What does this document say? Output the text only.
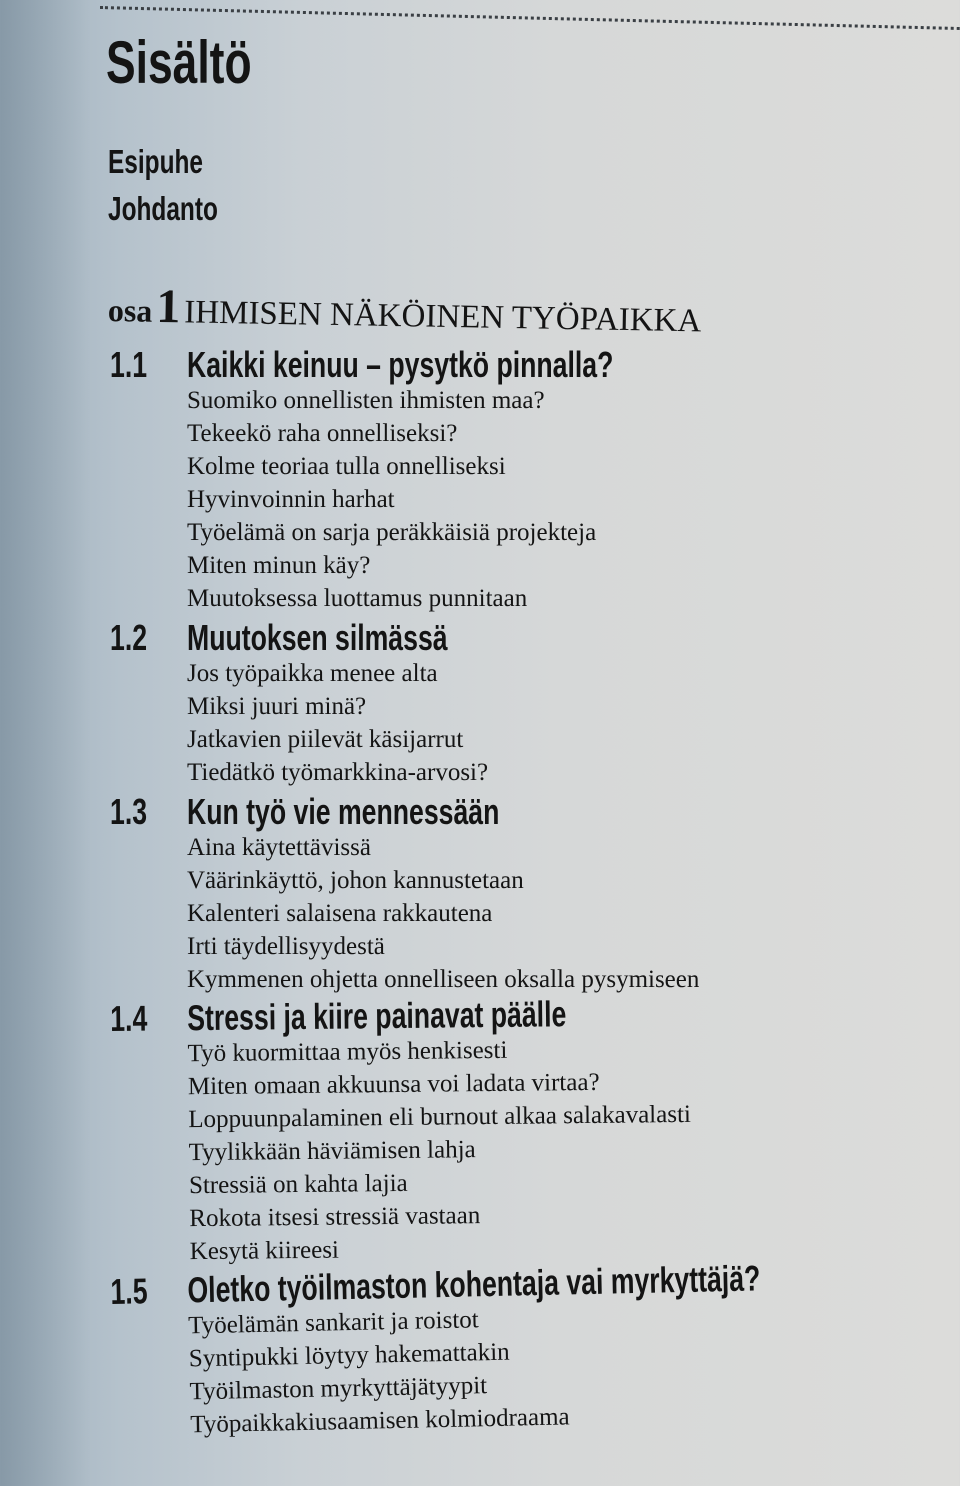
Sisältö
Esipuhe
Johdanto
osa 1 IHMISEN NÄKÖINEN TYÖPAIKKA
1.1 Kaikki keinuu – pysytkö pinnalla?
Suomiko onnellisten ihmisten maa?
Tekeekö raha onnelliseksi?
Kolme teoriaa tulla onnelliseksi
Hyvinvoinnin harhat
Työelämä on sarja peräkkäisiä projekteja
Miten minun käy?
Muutoksessa luottamus punnitaan
1.2 Muutoksen silmässä
Jos työpaikka menee alta
Miksi juuri minä?
Jatkavien piilevät käsijarrut
Tiedätkö työmarkkina-arvosi?
1.3 Kun työ vie mennessään
Aina käytettävissä
Väärinkäyttö, johon kannustetaan
Kalenteri salaisena rakkautena
Irti täydellisyydestä
Kymmenen ohjetta onnelliseen oksalla pysymiseen
1.4 Stressi ja kiire painavat päälle
Työ kuormittaa myös henkisesti
Miten omaan akkuunsa voi ladata virtaa?
Loppuunpalaminen eli burnout alkaa salakavalasti
Tyylikkään häviämisen lahja
Stressiä on kahta lajia
Rokota itsesi stressiä vastaan
Kesytä kiireesi
1.5 Oletko työilmaston kohentaja vai myrkyttäjä?
Työelämän sankarit ja roistot
Syntipukki löytyy hakemattakin
Työilmaston myrkyttäjätyypit
Työpaikkakiusaamisen kolmiodraama
